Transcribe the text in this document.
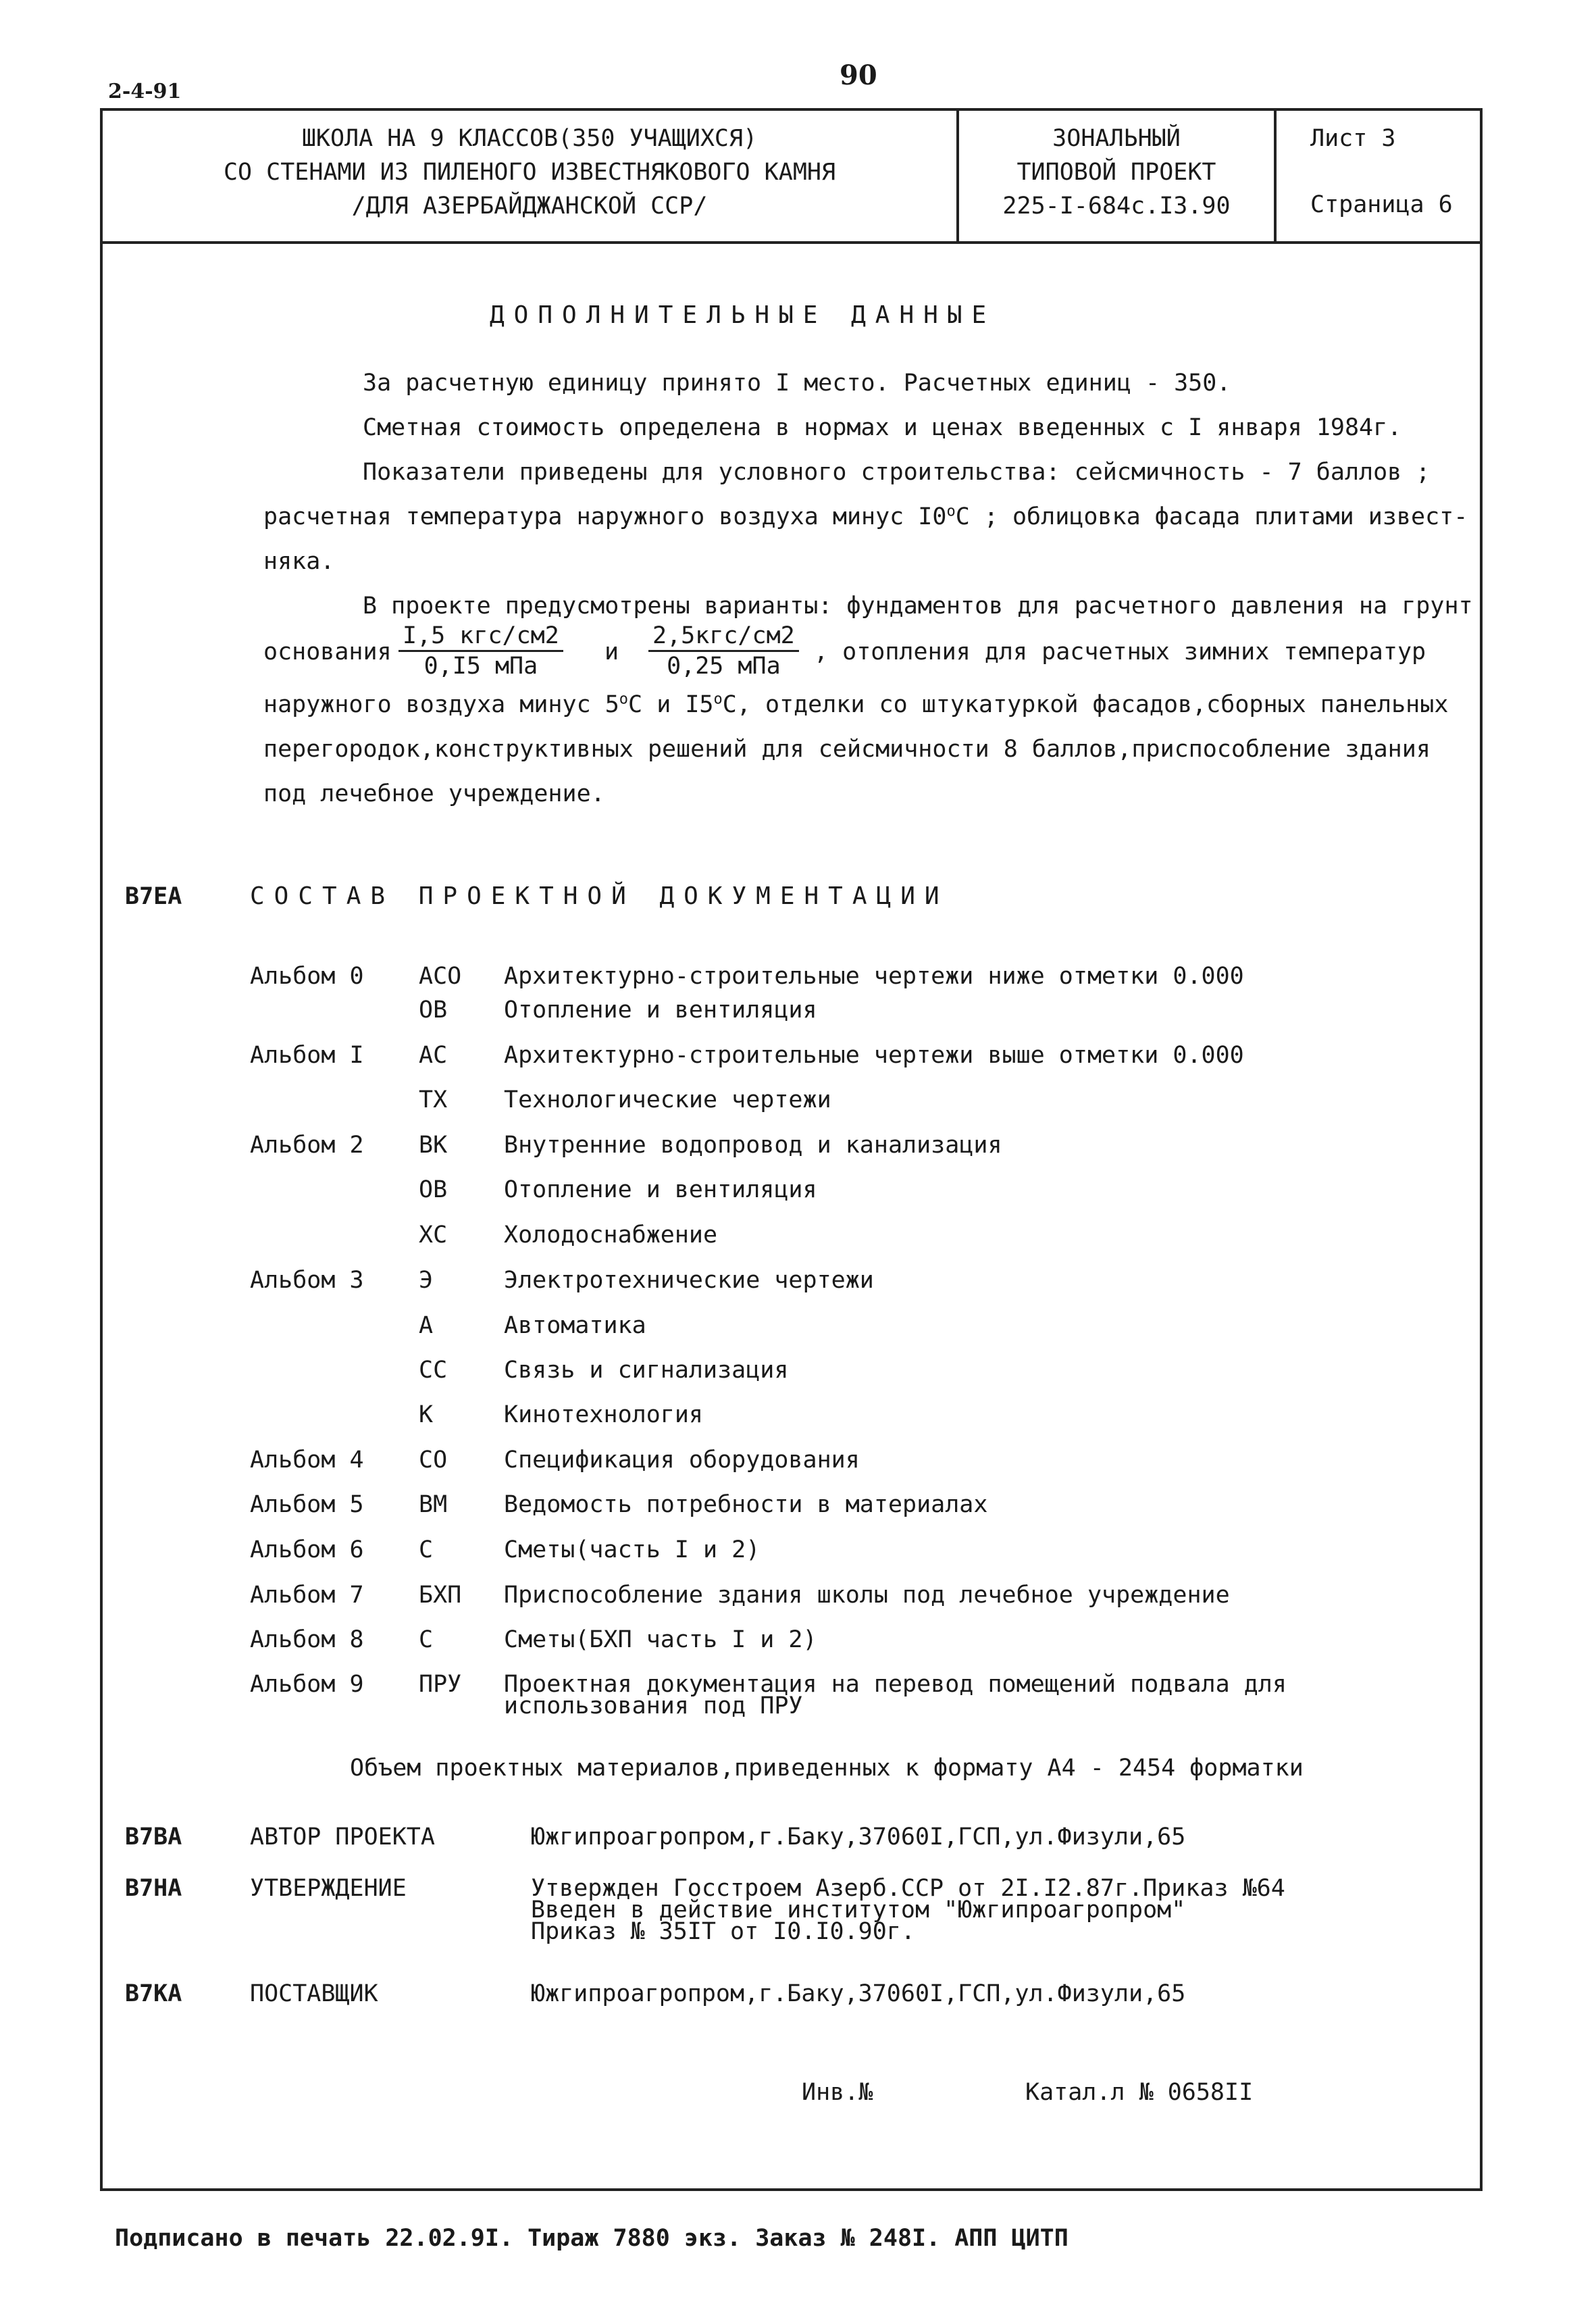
90
2-4-91
ШКОЛА НА 9 КЛАССОВ(350 УЧАЩИХСЯ)
СО СТЕНАМИ ИЗ ПИЛЕНОГО ИЗВЕСТНЯКОВОГО КАМНЯ
/ДЛЯ АЗЕРБАЙДЖАНСКОЙ ССР/
ЗОНАЛЬНЫЙ
ТИПОВОЙ ПРОЕКТ
225-I-684с.I3.90
Лист 3
Страница 6
ДОПОЛНИТЕЛЬНЫЕ ДАННЫЕ
За расчетную единицу принято I место. Расчетных единиц - 350.
Сметная стоимость определена в нормах и ценах введенных с I января 1984г.
Показатели приведены для условного строительства: сейсмичность - 7 баллов ;
расчетная температура наружного воздуха минус I0$^o$C ; облицовка фасада плитами извест-
няка.
В проекте предусмотрены варианты: фундаментов для расчетного давления на грунт
основания
I,5 кгс/см2
0,I5 мПа
и
2,5кгс/см2
0,25 мПа
, отопления для расчетных зимних температур
наружного воздуха минус 5$^o$C и I5$^o$C, отделки со штукатуркой фасадов,сборных панельных
перегородок,конструктивных решений для сейсмичности 8 баллов,приспособление здания
под лечебное учреждение.
В7ЕА	СОСТАВ ПРОЕКТНОЙ ДОКУМЕНТАЦИИ
Альбом 0 АСО Архитектурно-строительные чертежи ниже отметки 0.000
ОВ Отопление и вентиляция
Альбом I АС Архитектурно-строительные чертежи выше отметки 0.000
ТХ Технологические чертежи
Альбом 2 ВК Внутренние водопровод и канализация
ОВ Отопление и вентиляция
ХС Холодоснабжение
Альбом 3 Э	Электротехнические чертежи
А	Автоматика
СС Связь и сигнализация
К	Кинотехнология
Альбом 4 СО Спецификация оборудования
Альбом 5 ВМ Ведомость потребности в материалах
Альбом 6 С	Сметы(часть I и 2)
Альбом 7 БХП Приспособление здания школы под лечебное учреждение
Альбом 8 С	Сметы(БХП часть I и 2)
Альбом 9 ПРУ Проектная документация на перевод помещений подвала для
использования под ПРУ
Объем проектных материалов,приведенных к формату А4 - 2454 форматки
В7ВА	АВТОР ПРОЕКТА	Южгипроагропром,г.Баку,37060I,ГСП,ул.Физули,65
В7НА	УТВЕРЖДЕНИЕ	Утвержден Госстроем Азерб.ССР от 2I.I2.87г.Приказ №64
Введен в действие институтом "Южгипроагропром"
Приказ № 35IТ от I0.I0.90г.
В7КА	ПОСТАВЩИК	Южгипроагропром,г.Баку,37060I,ГСП,ул.Физули,65
Инв.№	Катал.л № 0658II
Подписано в печать 22.02.9I. Тираж 7880 экз. Заказ № 248I. АПП ЦИТП
